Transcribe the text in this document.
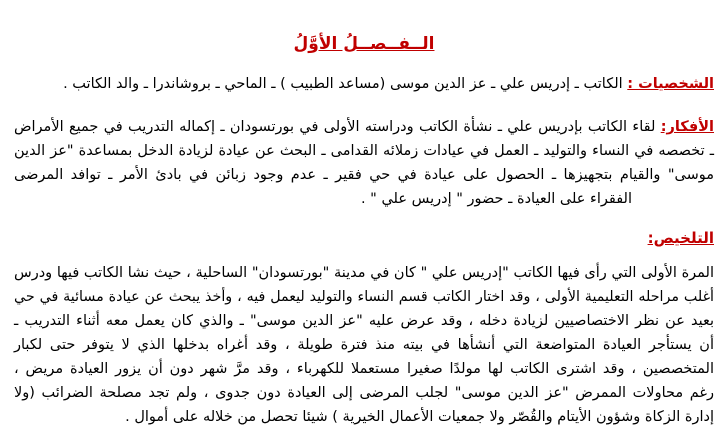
الــفــصــلُ الأوَّلُ
الشخصيات : الكاتب ـ إدريس علي ـ عز الدين موسى (مساعد الطبيب ) ـ الماحي ـ بروشاندرا ـ والد الكاتب .
الأفكار: لقاء الكاتب بإدريس علي ـ نشأة الكاتب ودراسته الأولى في بورتسودان ـ إكماله التدريب في جميع الأمراض
ـ تخصصه في النساء والتوليد ـ العمل في عيادات زملائه القدامى ـ البحث عن عيادة لزيادة الدخل بمساعدة "عز الدين
موسى" والقيام بتجهيزها ـ الحصول على عيادة في حي فقير ـ عدم وجود زبائن في بادئ الأمر ـ توافد المرضى
الفقراء على العيادة ـ حضور " إدريس علي " .
التلخيص:
المرة الأولى التي رأى فيها الكاتب "إدريس علي " كان في مدينة "بورتسودان" الساحلية ، حيث نشا الكاتب فيها ودرس
أغلب مراحله التعليمية الأولى ، وقد اختار الكاتب قسم النساء والتوليد ليعمل فيه ، وأخذ يبحث عن عيادة مسائية في حي
بعيد عن نظر الاختصاصيين لزيادة دخله ، وقد عرض عليه "عز الدين موسى" ـ والذي كان يعمل معه أثناء التدريب ـ
أن يستأجر العيادة المتواضعة التي أنشأها في بيته منذ فترة طويلة ، وقد أغراه بدخلها الذي لا يتوفر حتى لكبار
المتخصصين ، وقد اشترى الكاتب لها مولدًا صغيرا مستعملا للكهرباء ، وقد مرَّ شهر دون أن يزور العيادة مريض ،
رغم محاولات الممرض "عز الدين موسى" لجلب المرضى إلى العيادة دون جدوى ، ولم تجد مصلحة الضرائب (ولا
إدارة الزكاة وشؤون الأيتام والقُصّر ولا جمعيات الأعمال الخيرية ) شيئا تحصل من خلاله على أموال .
